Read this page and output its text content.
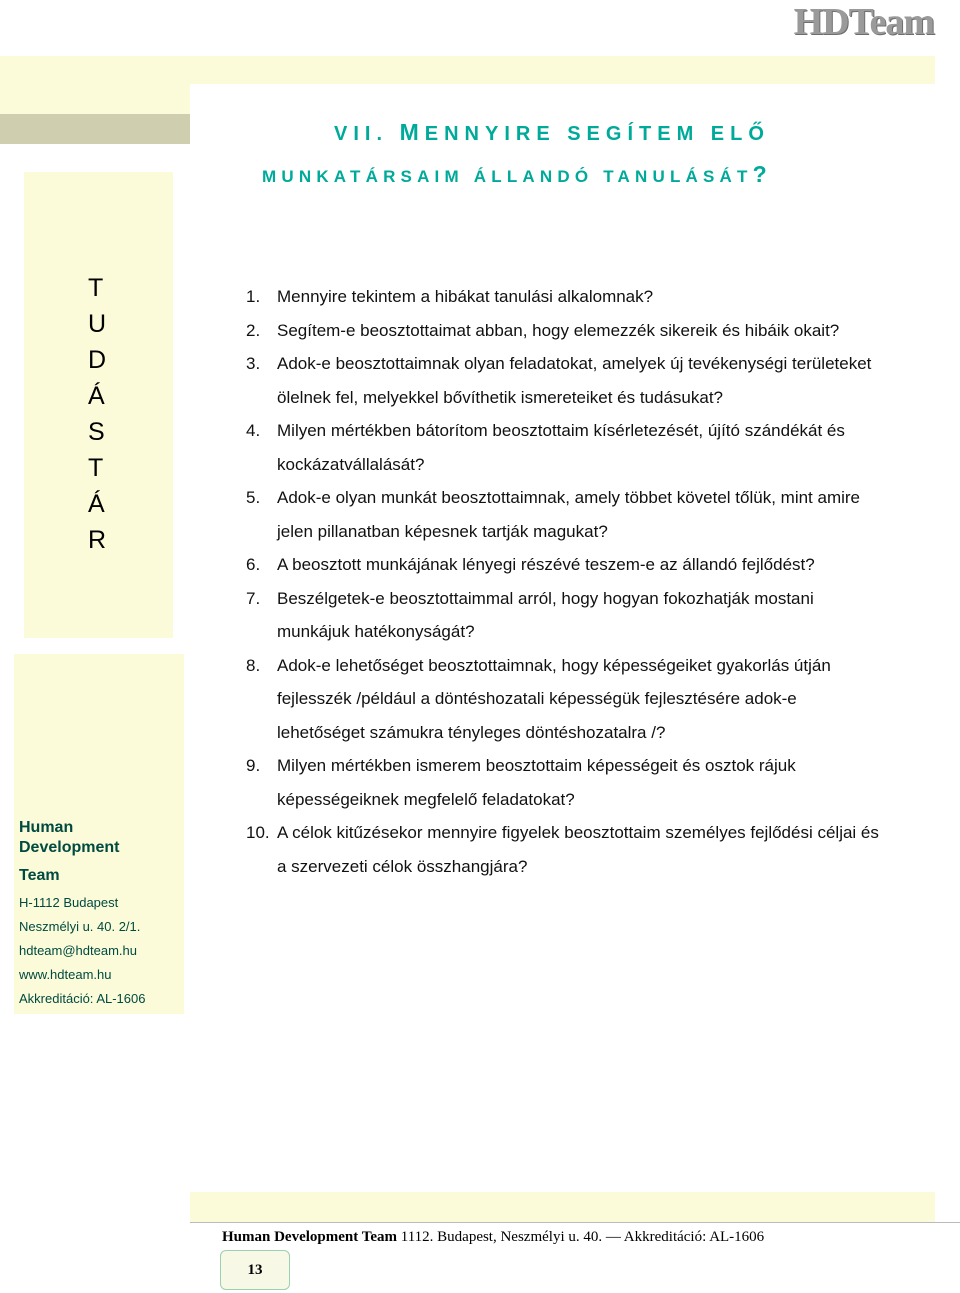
HDTeam
VII. MENNYIRE SEGÍTEM ELŐ
MUNKATÁRSAIM ÁLLANDÓ TANULÁSÁT?
T
U
D
Á
S
T
Á
R
Human
Development
Team
H-1112 Budapest
Neszmélyi u. 40. 2/1.
hdteam@hdteam.hu
www.hdteam.hu
Akkreditáció: AL-1606
1. Mennyire tekintem a hibákat tanulási alkalomnak?
2. Segítem-e beosztottaimat abban, hogy elemezzék sikereik és hibáik okait?
3. Adok-e beosztottaimnak olyan feladatokat, amelyek új tevékenységi területeket ölelnek fel, melyekkel bővíthetik ismereteiket és tudásukat?
4. Milyen mértékben bátorítom beosztottaim kísérletezését, újító szándékát és kockázatvállalását?
5. Adok-e olyan munkát beosztottaimnak, amely többet követel tőlük, mint amire jelen pillanatban képesnek tartják magukat?
6. A beosztott munkájának lényegi részévé teszem-e az állandó fejlődést?
7. Beszélgetek-e beosztottaimmal arról, hogy hogyan fokozhatják mostani munkájuk hatékonyságát?
8. Adok-e lehetőséget beosztottaimnak, hogy képességeiket gyakorlás útján fejlesszék /például a döntéshozatali képességük fejlesztésére adok-e lehetőséget számukra tényleges döntéshozatalra /?
9. Milyen mértékben ismerem beosztottaim képességeit és osztok rájuk képességeiknek megfelelő feladatokat?
10. A célok kitűzésekor mennyire figyelek beosztottaim személyes fejlődési céljai és a szervezeti célok összhangjára?
Human Development Team 1112. Budapest, Neszmélyi u. 40. ― Akkreditáció: AL-1606
13
